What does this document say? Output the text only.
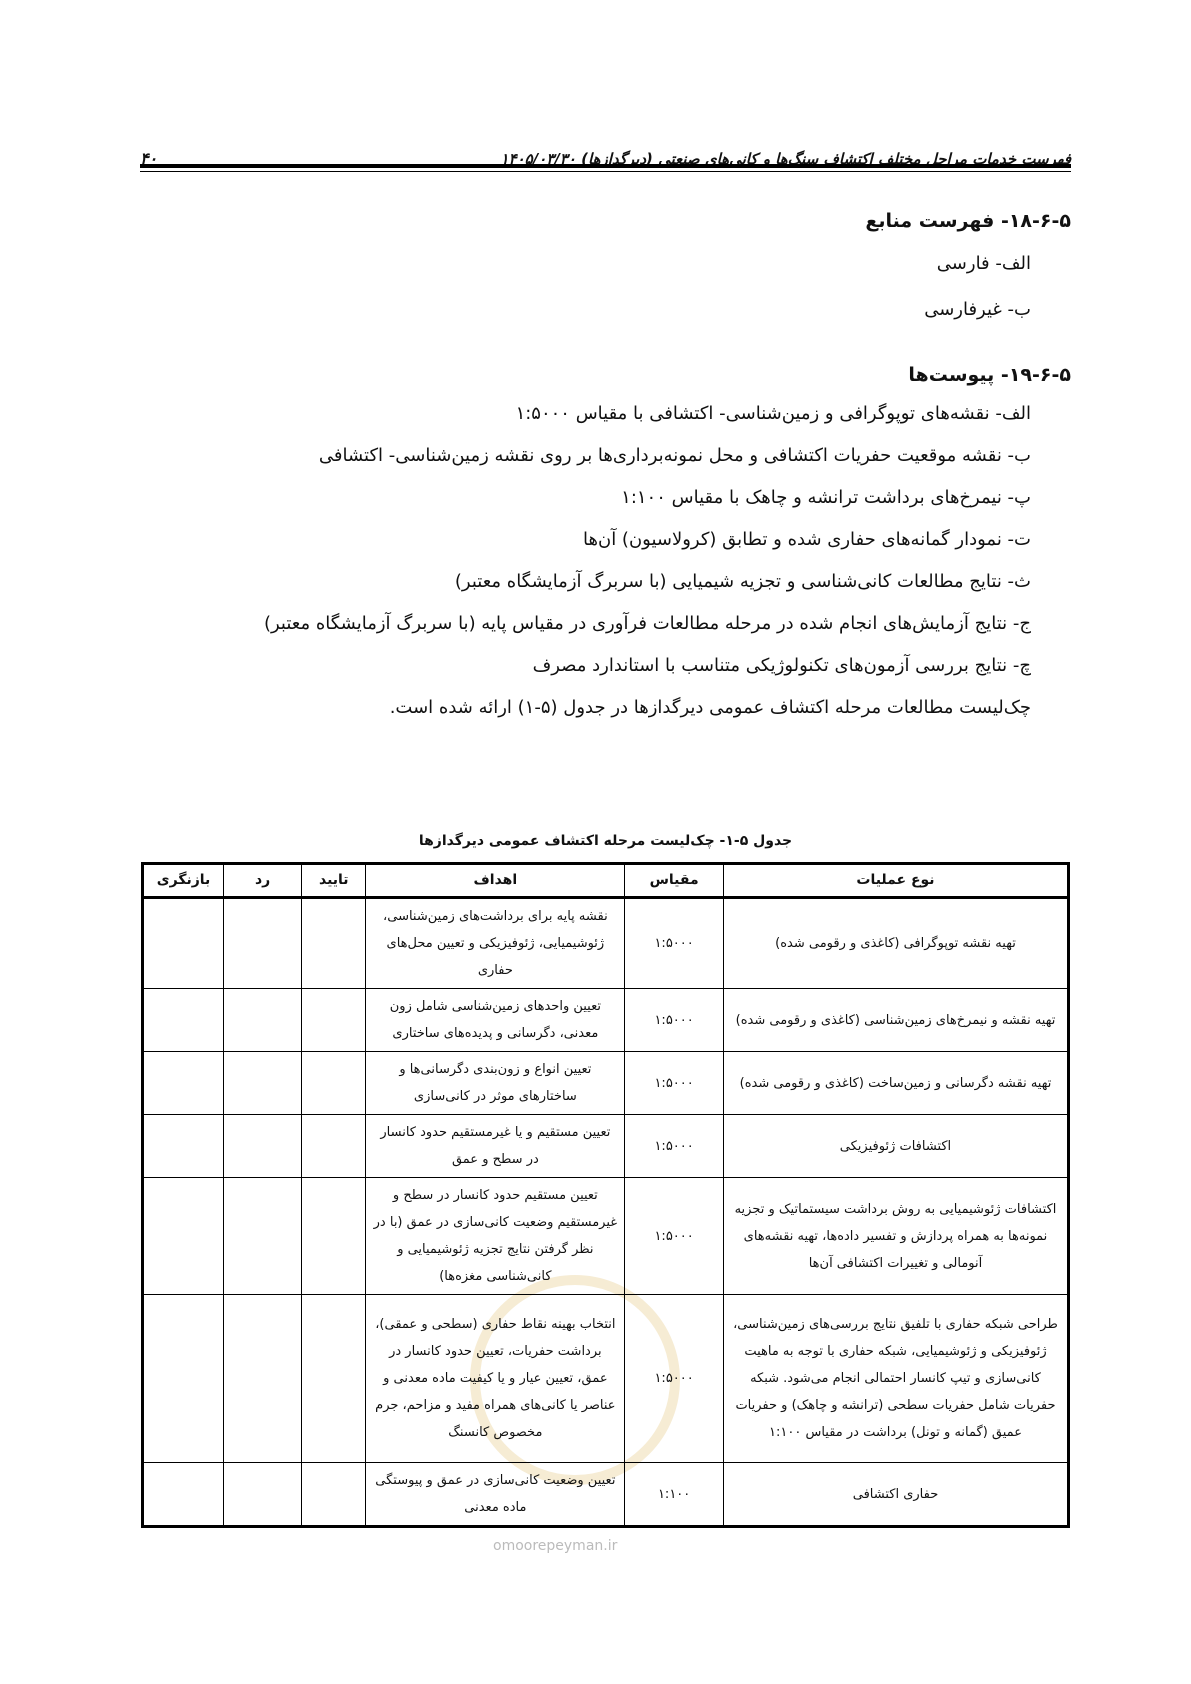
فهرست خدمات مراحل مختلف اکتشاف سنگ‌ها و کانی‌های صنعتی (دیرگدازها) ۱۴۰۵/۰۳/۳۰
۴۰
۱۸-۶-۵- فهرست منابع
الف- فارسی
ب- غیرفارسی
۱۹-۶-۵- پیوست‌ها
الف- نقشه‌های توپوگرافی و زمین‌شناسی- اکتشافی با مقیاس ۱:۵۰۰۰
ب- نقشه موقعیت حفریات اکتشافی و محل نمونه‌برداری‌ها بر روی نقشه زمین‌شناسی- اکتشافی
پ- نیمرخ‌های برداشت ترانشه و چاهک با مقیاس ۱:۱۰۰
ت- نمودار گمانه‌های حفاری شده و تطابق (کرولاسیون) آن‌ها
ث- نتایج مطالعات کانی‌شناسی و تجزیه شیمیایی (با سربرگ آزمایشگاه معتبر)
ج- نتایج آزمایش‌های انجام شده در مرحله مطالعات فرآوری در مقیاس پایه (با سربرگ آزمایشگاه معتبر)
چ- نتایج بررسی آزمون‌های تکنولوژیکی متناسب با استاندارد مصرف
چک‌لیست مطالعات مرحله اکتشاف عمومی دیرگدازها در جدول (۵-۱) ارائه شده است.
جدول ۵-۱- چک‌لیست مرحله اکتشاف عمومی دیرگدازها
نوع عملیات	مقیاس	اهداف	تایید	رد	بازنگری
تهیه نقشه توپوگرافی (کاغذی و رقومی شده)	۱:۵۰۰۰	نقشه پایه برای برداشت‌های زمین‌شناسی، ژئوشیمیایی، ژئوفیزیکی و تعیین محل‌های حفاری			
تهیه نقشه و نیمرخ‌های زمین‌شناسی (کاغذی و رقومی شده)	۱:۵۰۰۰	تعیین واحدهای زمین‌شناسی شامل زون معدنی، دگرسانی و پدیده‌های ساختاری			
تهیه نقشه دگرسانی و زمین‌ساخت (کاغذی و رقومی شده)	۱:۵۰۰۰	تعیین انواع و زون‌بندی دگرسانی‌ها و ساختارهای موثر در کانی‌سازی			
اکتشافات ژئوفیزیکی	۱:۵۰۰۰	تعیین مستقیم و یا غیرمستقیم حدود کانسار در سطح و عمق			
اکتشافات ژئوشیمیایی به روش برداشت سیستماتیک و تجزیه نمونه‌ها به همراه پردازش و تفسیر داده‌ها، تهیه نقشه‌های آنومالی و تغییرات اکتشافی آن‌ها	۱:۵۰۰۰	تعیین مستقیم حدود کانسار در سطح و غیرمستقیم وضعیت کانی‌سازی در عمق (با در نظر گرفتن نتایج تجزیه ژئوشیمیایی و کانی‌شناسی مغزه‌ها)			
طراحی شبکه حفاری با تلفیق نتایج بررسی‌های زمین‌شناسی، ژئوفیزیکی و ژئوشیمیایی، شبکه حفاری با توجه به ماهیت کانی‌سازی و تیپ کانسار احتمالی انجام می‌شود. شبکه حفریات شامل حفریات سطحی (ترانشه و چاهک) و حفریات عمیق (گمانه و تونل) برداشت در مقیاس ۱:۱۰۰	۱:۵۰۰۰	انتخاب بهینه نقاط حفاری (سطحی و عمقی)، برداشت حفریات، تعیین حدود کانسار در عمق، تعیین عیار و یا کیفیت ماده معدنی و عناصر یا کانی‌های همراه مفید و مزاحم، جرم مخصوص کانسنگ			
حفاری اکتشافی	۱:۱۰۰	تعیین وضعیت کانی‌سازی در عمق و پیوستگی ماده معدنی			
omoorepeyman.ir
